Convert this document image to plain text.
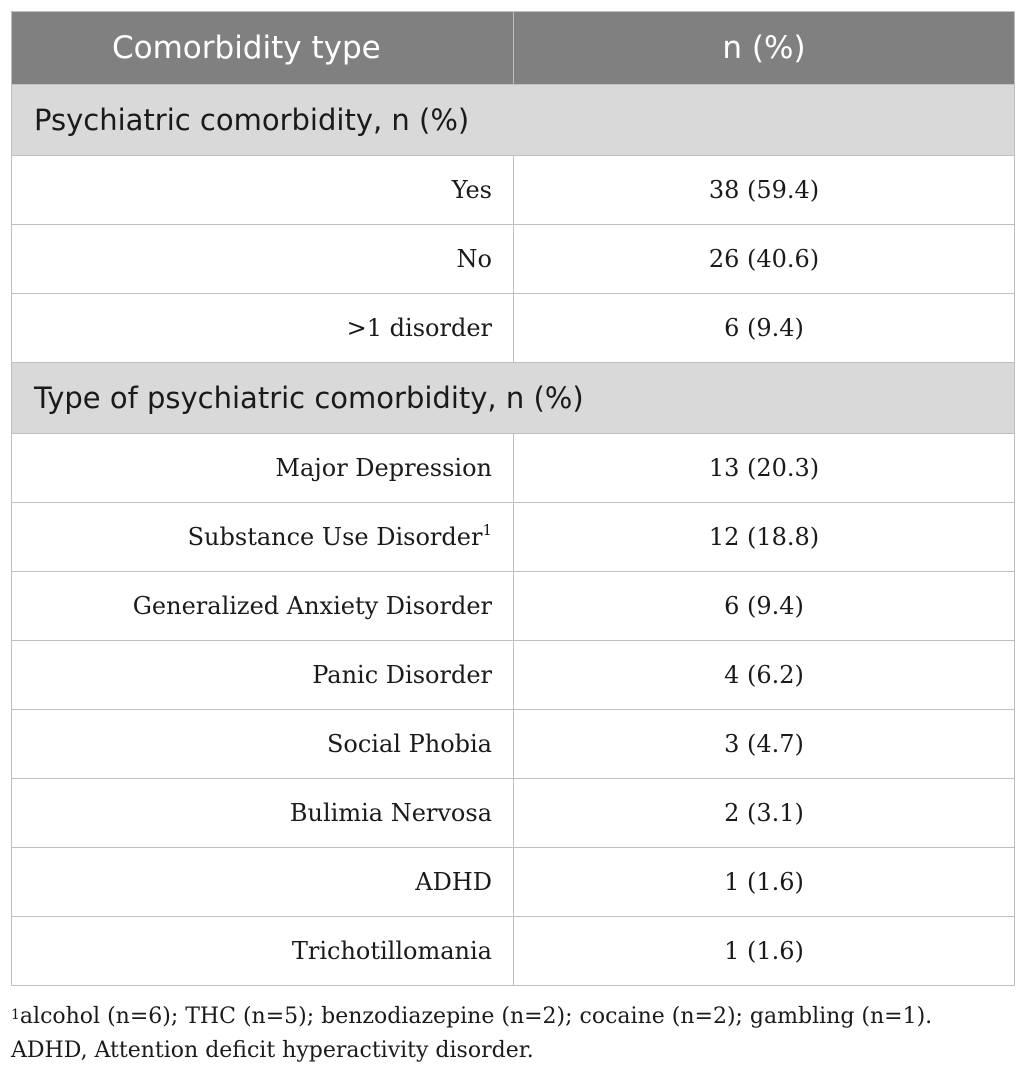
Comorbidity type	n (%)
Psychiatric comorbidity, n (%)	
Yes	38 (59.4)
No	26 (40.6)
>1 disorder	6 (9.4)
Type of psychiatric comorbidity, n (%)	
Major Depression	13 (20.3)
Substance Use Disorder$^1$	12 (18.8)
Generalized Anxiety Disorder	6 (9.4)
Panic Disorder	4 (6.2)
Social Phobia	3 (4.7)
Bulimia Nervosa	2 (3.1)
ADHD	1 (1.6)
Trichotillomania	1 (1.6)
$^1$alcohol (n=6); THC (n=5); benzodiazepine (n=2); cocaine (n=2); gambling (n=1).
ADHD, Attention deficit hyperactivity disorder.
